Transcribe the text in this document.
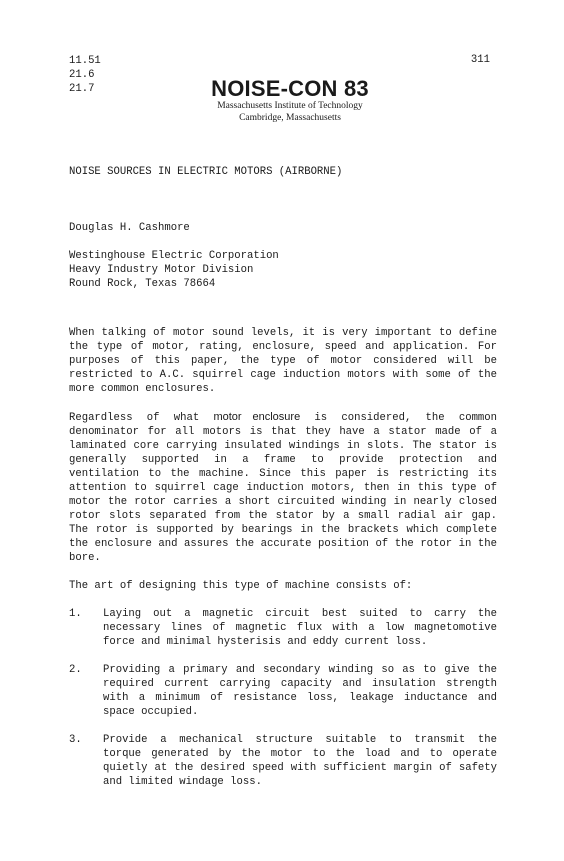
11.51
21.6
21.7
311
NOISE-CON 83
Massachusetts Institute of Technology
Cambridge, Massachusetts
NOISE SOURCES IN ELECTRIC MOTORS (AIRBORNE)
Douglas H. Cashmore
Westinghouse Electric Corporation
Heavy Industry Motor Division
Round Rock, Texas 78664

When talking of motor sound levels, it is very important to define the type of motor, rating, enclosure, speed and application. For purposes of this paper, the type of motor considered will be restricted to A.C. squirrel cage induction motors with some of the more common enclosures.

Regardless of what motor enclosure is considered, the common denominator for all motors is that they have a stator made of a laminated core carrying insulated windings in slots. The stator is generally supported in a frame to provide protection and ventilation to the machine. Since this paper is restricting its attention to squirrel cage induction motors, then in this type of motor the rotor carries a short circuited winding in nearly closed rotor slots separated from the stator by a small radial air gap. The rotor is supported by bearings in the brackets which complete the enclosure and assures the accurate position of the rotor in the bore.

The art of designing this type of machine consists of:

1.	Laying out a magnetic circuit best suited to carry the necessary lines of magnetic flux with a low magnetomotive force and minimal hysterisis and eddy current loss.
2.	Providing a primary and secondary winding so as to give the required current carrying capacity and insulation strength with a minimum of resistance loss, leakage inductance and space occupied.
3.	Provide a mechanical structure suitable to transmit the torque generated by the motor to the load and to operate quietly at the desired speed with sufficient margin of safety and limited windage loss.
